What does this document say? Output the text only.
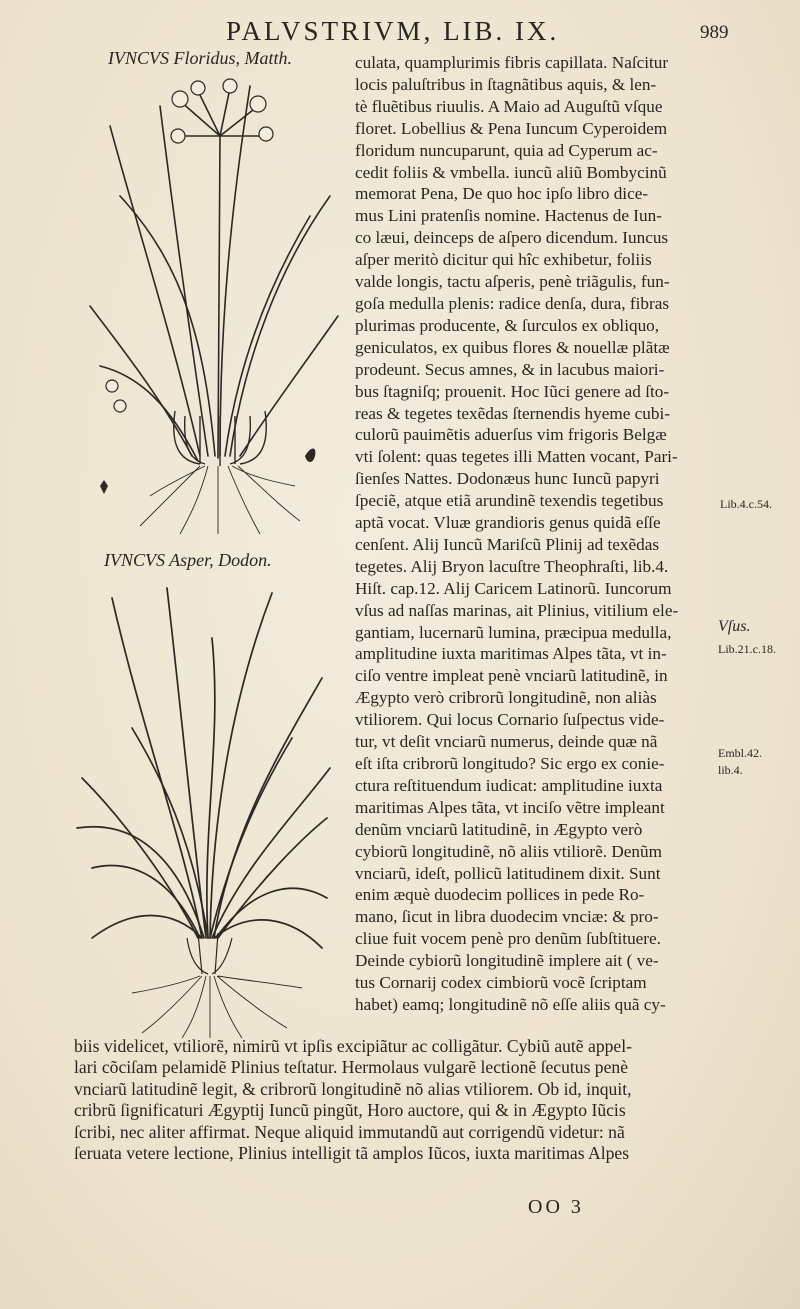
PALVSTRIVM, LIB. IX.	989
IVNCVS Floridus, Matth.
IVNCVS Asper, Dodon.
culata, quamplurimis fibris capillata. Naſcitur
locis paluſtribus in ſtagnãtibus aquis, & len-
tè fluẽtibus riuulis. A Maio ad Auguſtũ vſque
floret. Lobellius & Pena Iuncum Cyperoidem
floridum nuncuparunt, quia ad Cyperum ac-
cedit foliis & vmbella. iuncũ aliũ Bombycinũ
memorat Pena, De quo hoc ipſo libro dice-
mus Lini pratenſis nomine. Hactenus de Iun-
co læui, deinceps de aſpero dicendum. Iuncus
aſper meritò dicitur qui hîc exhibetur, foliis
valde longis, tactu aſperis, penè triãgulis, fun-
goſa medulla plenis: radice denſa, dura, fibras
plurimas producente, & ſurculos ex obliquo,
geniculatos, ex quibus flores & nouellæ plãtæ
prodeunt. Secus amnes, & in lacubus maiori-
bus ſtagniſq; prouenit. Hoc Iũci genere ad ſto-
reas & tegetes texẽdas ſternendis hyeme cubi-
culorũ pauimẽtis aduerſus vim frigoris Belgæ
vti ſolent: quas tegetes illi Matten vocant, Pari-
ſienſes Nattes. Dodonæus hunc Iuncũ papyri
ſpeciẽ, atque etiã arundinẽ texendis tegetibus
aptã vocat. Vluæ grandioris genus quidã eſſe
cenſent. Alij Iuncũ Mariſcũ Plinij ad texẽdas
tegetes. Alij Bryon lacuſtre Theophraſti, lib.4.
Hiſt. cap.12. Alij Caricem Latinorũ. Iuncorum
vſus ad naſſas marinas, ait Plinius, vitilium ele-
gantiam, lucernarũ lumina, præcipua medulla,
amplitudine iuxta maritimas Alpes tãta, vt in-
ciſo ventre impleat penè vnciarũ latitudinẽ, in
Ægypto verò cribrorũ longitudinẽ, non aliàs
vtiliorem. Qui locus Cornario ſuſpectus vide-
tur, vt deſit vnciarũ numerus, deinde quæ nã
eſt iſta cribrorũ longitudo? Sic ergo ex conie-
ctura reſtituendum iudicat: amplitudine iuxta
maritimas Alpes tãta, vt inciſo vẽtre impleant
denũm vnciarũ latitudinẽ, in Ægypto verò
cybiorũ longitudinẽ, nõ aliis vtiliorẽ. Denũm
vnciarũ, ideſt, pollicũ latitudinem dixit. Sunt
enim æquè duodecim pollices in pede Ro-
mano, ſicut in libra duodecim vnciæ: & pro-
cliue fuit vocem penè pro denũm ſubſtituere.
Deinde cybiorũ longitudinẽ implere ait ( ve-
tus Cornarij codex cimbiorũ vocẽ ſcriptam
habet) eamq; longitudinẽ nõ eſſe aliis quã cy-
biis videlicet, vtiliorẽ, nimirũ vt ipſis excipiãtur ac colligãtur. Cybiũ autẽ appel-
lari cõciſam pelamidẽ Plinius teſtatur. Hermolaus vulgarẽ lectionẽ ſecutus penè
vnciarũ latitudinẽ legit, & cribrorũ longitudinẽ nõ alias vtiliorem. Ob id, inquit,
cribrũ ſignificaturi Ægyptij Iuncũ pingũt, Horo auctore, qui & in Ægypto Iũcis
ſcribi, nec aliter affirmat. Neque aliquid immutandũ aut corrigendũ videtur: nã
ſeruata vetere lectione, Plinius intelligit tã amplos Iũcos, iuxta maritimas Alpes
Lib.4.c.54.
Vſus.
Lib.21.c.18.
Embl.42.
lib.4.
OO 3
